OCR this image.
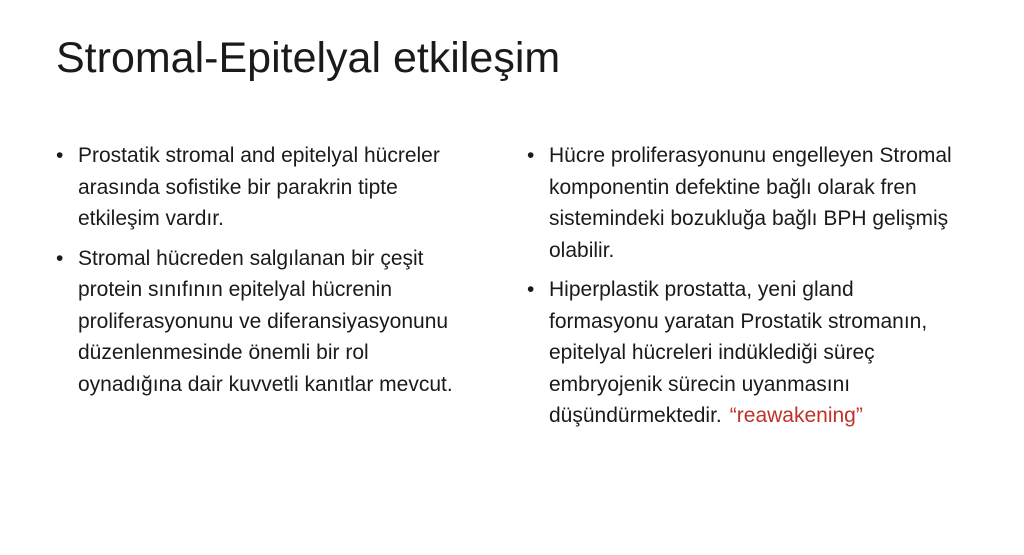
Stromal-Epitelyal etkileşim
• Prostatik stromal and epitelyal hücreler arasında sofistike bir parakrin tipte etkileşim vardır.
• Stromal hücreden salgılanan bir çeşit protein sınıfının epitelyal hücrenin proliferasyonunu ve diferansiyasyonunu düzenlenmesinde önemli bir rol oynadığına dair kuvvetli kanıtlar mevcut.
• Hücre proliferasyonunu engelleyen Stromal komponentin defektine bağlı olarak fren sistemindeki bozukluğa bağlı BPH gelişmiş olabilir.
• Hiperplastik prostatta, yeni gland formasyonu yaratan Prostatik stromanın, epitelyal hücreleri indüklediği süreç embryojenik sürecin uyanmasını düşündürmektedir. “reawakening”
